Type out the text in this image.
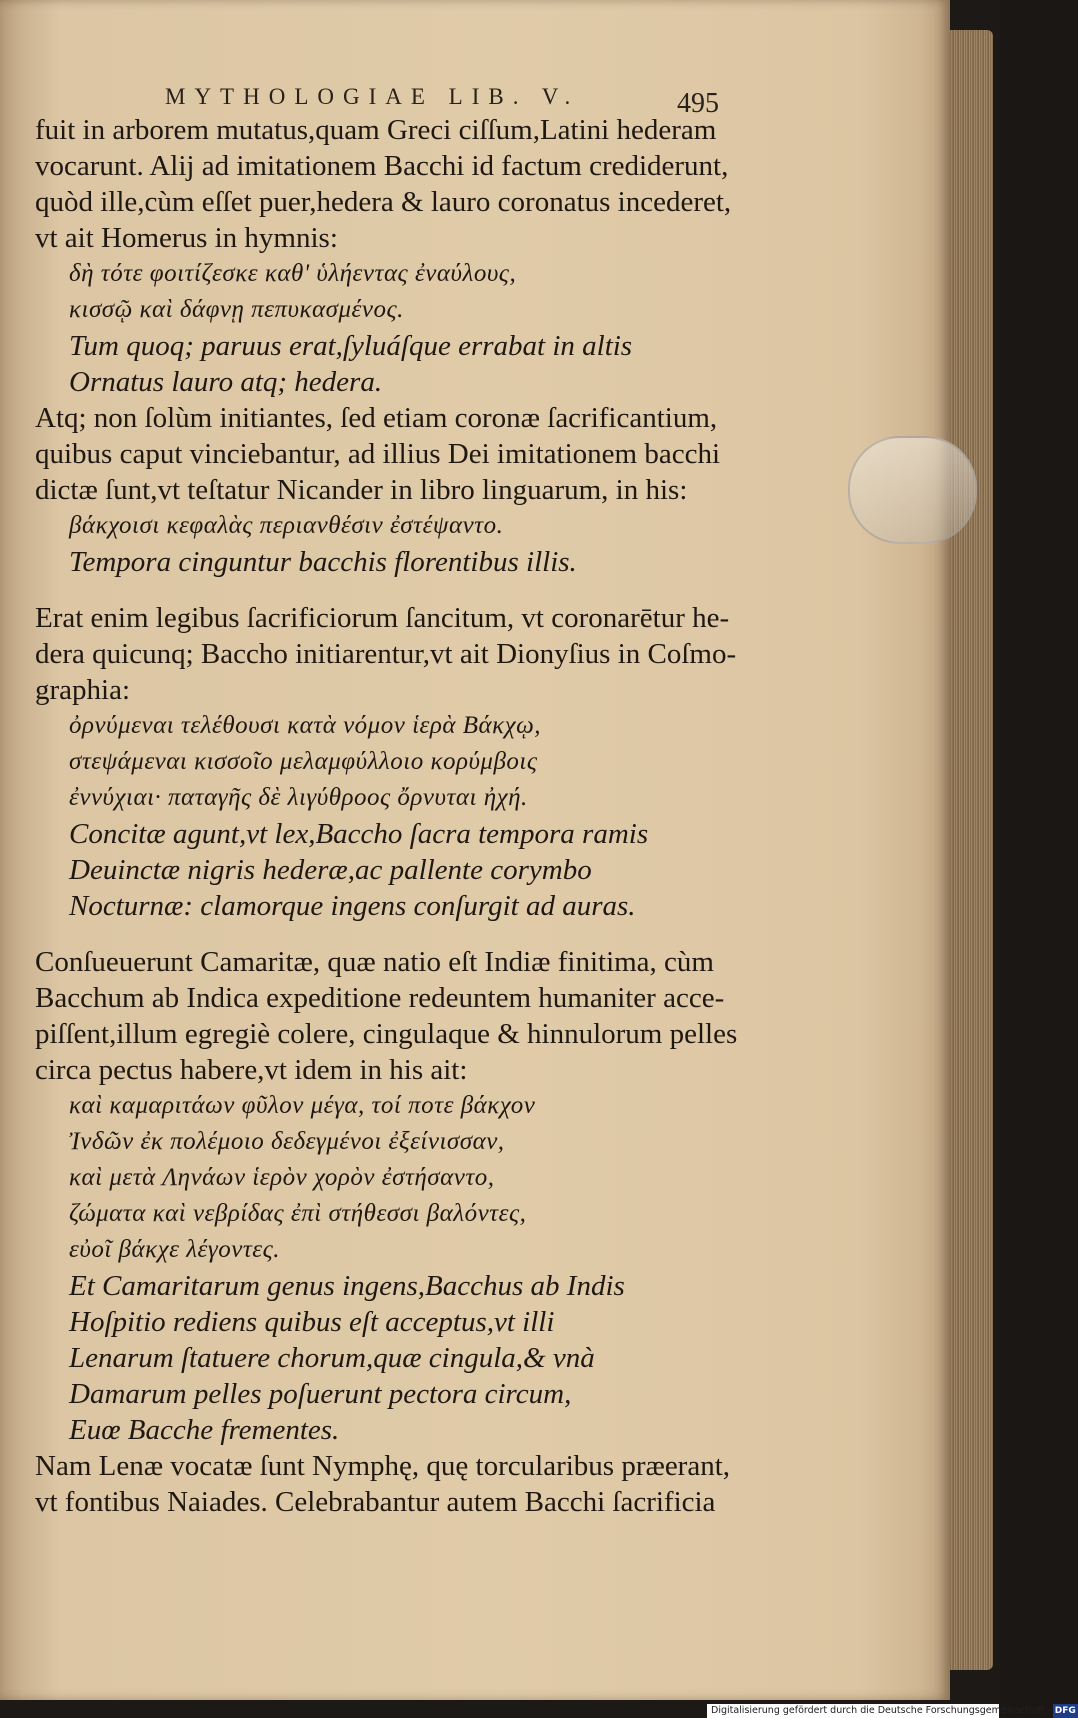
MYTHOLOGIAE LIB. V.	495
fuit in arborem mutatus,quam Greci ciſſum,Latini hederam
vocarunt. Alij ad imitationem Bacchi id factum crediderunt,
quòd ille,cùm eſſet puer,hedera & lauro coronatus incederet,
vt ait Homerus in hymnis:
δὴ τότε φοιτίζεσκε καθ' ὑλήεντας ἐναύλους,
κισσῷ καὶ δάφνῃ πεπυκασμένος.
Tum quoq; paruus erat,ſyluáſque errabat in altis
Ornatus lauro atq; hedera.
Atq; non ſolùm initiantes, ſed etiam coronæ ſacrificantium,
quibus caput vinciebantur, ad illius Dei imitationem bacchi
dictæ ſunt,vt teſtatur Nicander in libro linguarum, in his:
βάκχοισι κεφαλὰς περιανθέσιν ἐστέψαντο.
Tempora cinguntur bacchis florentibus illis.
Erat enim legibus ſacrificiorum ſancitum, vt coronarētur he-
dera quicunq; Baccho initiarentur,vt ait Dionyſius in Coſmo-
graphia:
ὀρνύμεναι τελέθουσι κατὰ νόμον ἱερὰ Βάκχῳ,
στεψάμεναι κισσοῖο μελαμφύλλοιο κορύμβοις
ἐννύχιαι· παταγῆς δὲ λιγύθροος ὄρνυται ἠχή.
Concitæ agunt,vt lex,Baccho ſacra tempora ramis
Deuinctæ nigris hederæ,ac pallente corymbo
Nocturnæ: clamorque ingens conſurgit ad auras.
Conſueuerunt Camaritæ, quæ natio eſt Indiæ finitima, cùm
Bacchum ab Indica expeditione redeuntem humaniter acce-
piſſent,illum egregiè colere, cingulaque & hinnulorum pelles
circa pectus habere,vt idem in his ait:
καὶ καμαριτάων φῦλον μέγα, τοί ποτε βάκχον
Ἰνδῶν ἐκ πολέμοιο δεδεγμένοι ἐξείνισσαν,
καὶ μετὰ Ληνάων ἱερὸν χορὸν ἐστήσαντο,
ζώματα καὶ νεβρίδας ἐπὶ στήθεσσι βαλόντες,
εὐοῖ βάκχε λέγοντες.
Et Camaritarum genus ingens,Bacchus ab Indis
Hoſpitio rediens quibus eſt acceptus,vt illi
Lenarum ſtatuere chorum,quæ cingula,& vnà
Damarum pelles poſuerunt pectora circum,
Euœ Bacche frementes.
Nam Lenæ vocatæ ſunt Nymphę, quę torcularibus præerant,
vt fontibus Naiades. Celebrabantur autem Bacchi ſacrificia
Digitalisierung gefördert durch die Deutsche Forschungsgemeinschaft - DFG
